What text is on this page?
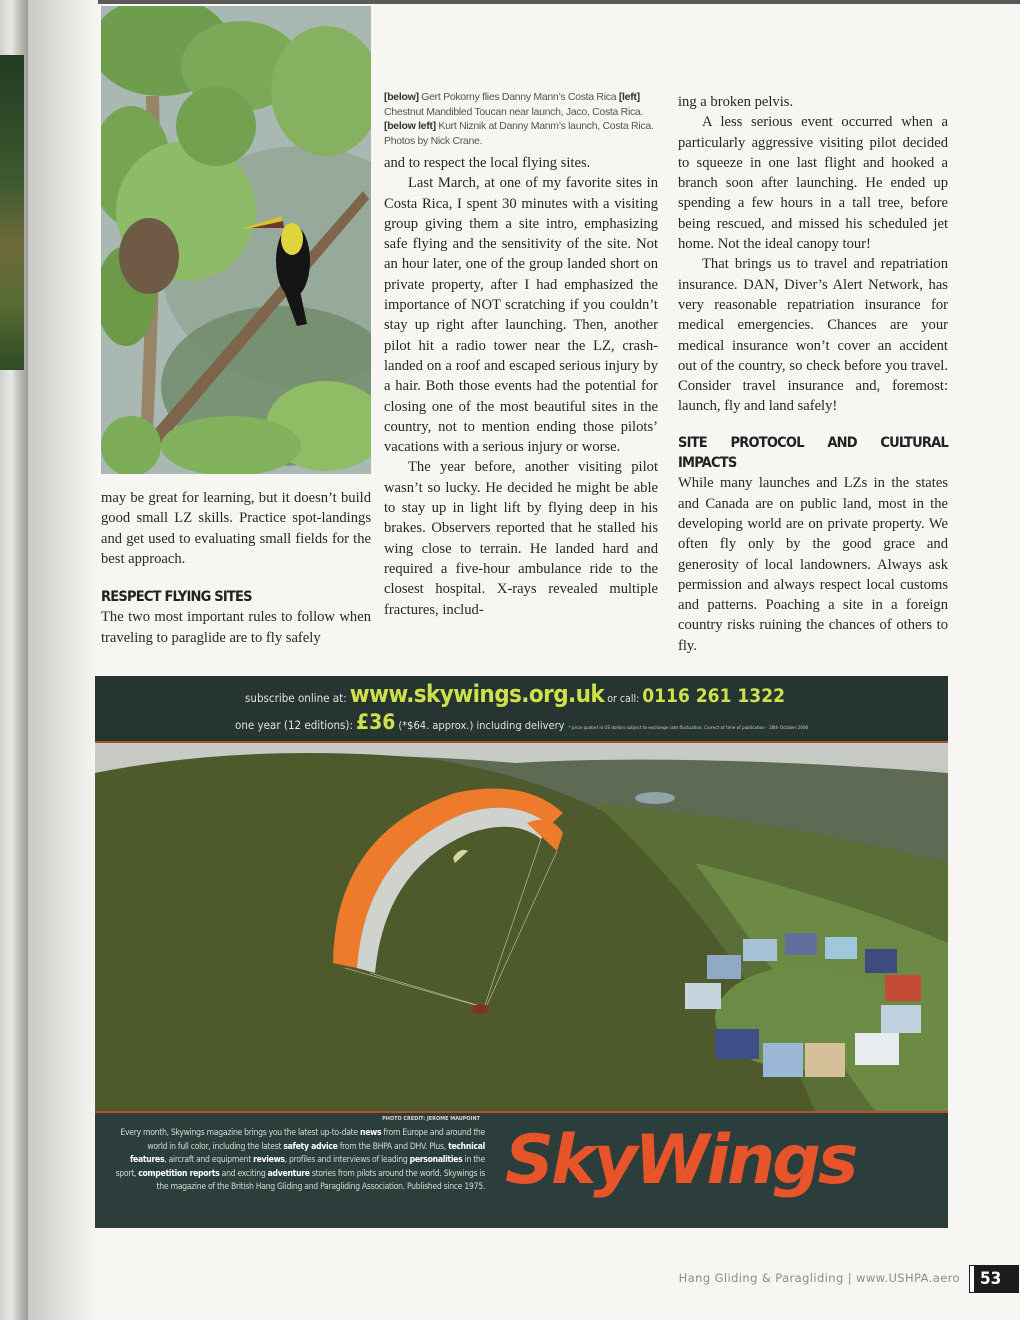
[below] Gert Pokorny flies Danny Mann’s Costa Rica [left] Chestnut Mandibled Toucan near launch, Jaco, Costa Rica. [below left] Kurt Niznik at Danny Manm’s launch, Costa Rica. Photos by Nick Crane.

may be great for learning, but it doesn’t build good small LZ skills. Practice spot-landings and get used to evaluating small fields for the best approach.

RESPECT FLYING SITES

The two most important rules to follow when traveling to paraglide are to fly safely

and to respect the local flying sites.

Last March, at one of my favorite sites in Costa Rica, I spent 30 minutes with a visiting group giving them a site intro, emphasizing safe flying and the sensitivity of the site. Not an hour later, one of the group landed short on private property, after I had emphasized the importance of NOT scratching if you couldn’t stay up right after launching. Then, another pilot hit a radio tower near the LZ, crash-landed on a roof and escaped serious injury by a hair. Both those events had the potential for closing one of the most beautiful sites in the country, not to mention ending those pilots’ vacations with a serious injury or worse.

The year before, another visiting pilot wasn’t so lucky. He decided he might be able to stay up in light lift by flying deep in his brakes. Observers reported that he stalled his wing close to terrain. He landed hard and required a five-hour ambulance ride to the closest hospital. X-rays revealed multiple fractures, includ-

ing a broken pelvis.

A less serious event occurred when a particularly aggressive visiting pilot decided to squeeze in one last flight and hooked a branch soon after launching. He ended up spending a few hours in a tall tree, before being rescued, and missed his scheduled jet home. Not the ideal canopy tour!

That brings us to travel and repatriation insurance. DAN, Diver’s Alert Network, has very reasonable repatriation insurance for medical emergencies. Chances are your medical insurance won’t cover an accident out of the country, so check before you travel. Consider travel insurance and, foremost: launch, fly and land safely!

SITE PROTOCOL AND CULTURAL IMPACTS

While many launches and LZs in the states and Canada are on public land, most in the developing world are on private property. We often fly only by the good grace and generosity of local landowners. Always ask permission and always respect local customs and patterns. Poaching a site in a foreign country risks ruining the chances of others to fly.

subscribe online at: www.skywings.org.uk or call: 0116 261 1322
one year (12 editions): £36 (*$64. approx.) including delivery * price quoted in US dollars subject to exchange rate fluctuation. Correct at time of publication - 28th October 2006
PHOTO CREDIT: JEROME MAUPOINT
Every month, Skywings magazine brings you the latest up-to-date news from Europe and around the world in full color, including the latest safety advice from the BHPA and DHV. Plus, technical features, aircraft and equipment reviews, profiles and interviews of leading personalities in the sport, competition reports and exciting adventure stories from pilots around the world. Skywings is the magazine of the British Hang Gliding and Paragliding Association. Published since 1975. SkyWings
Hang Gliding & Paragliding | www.USHPA.aero	53
